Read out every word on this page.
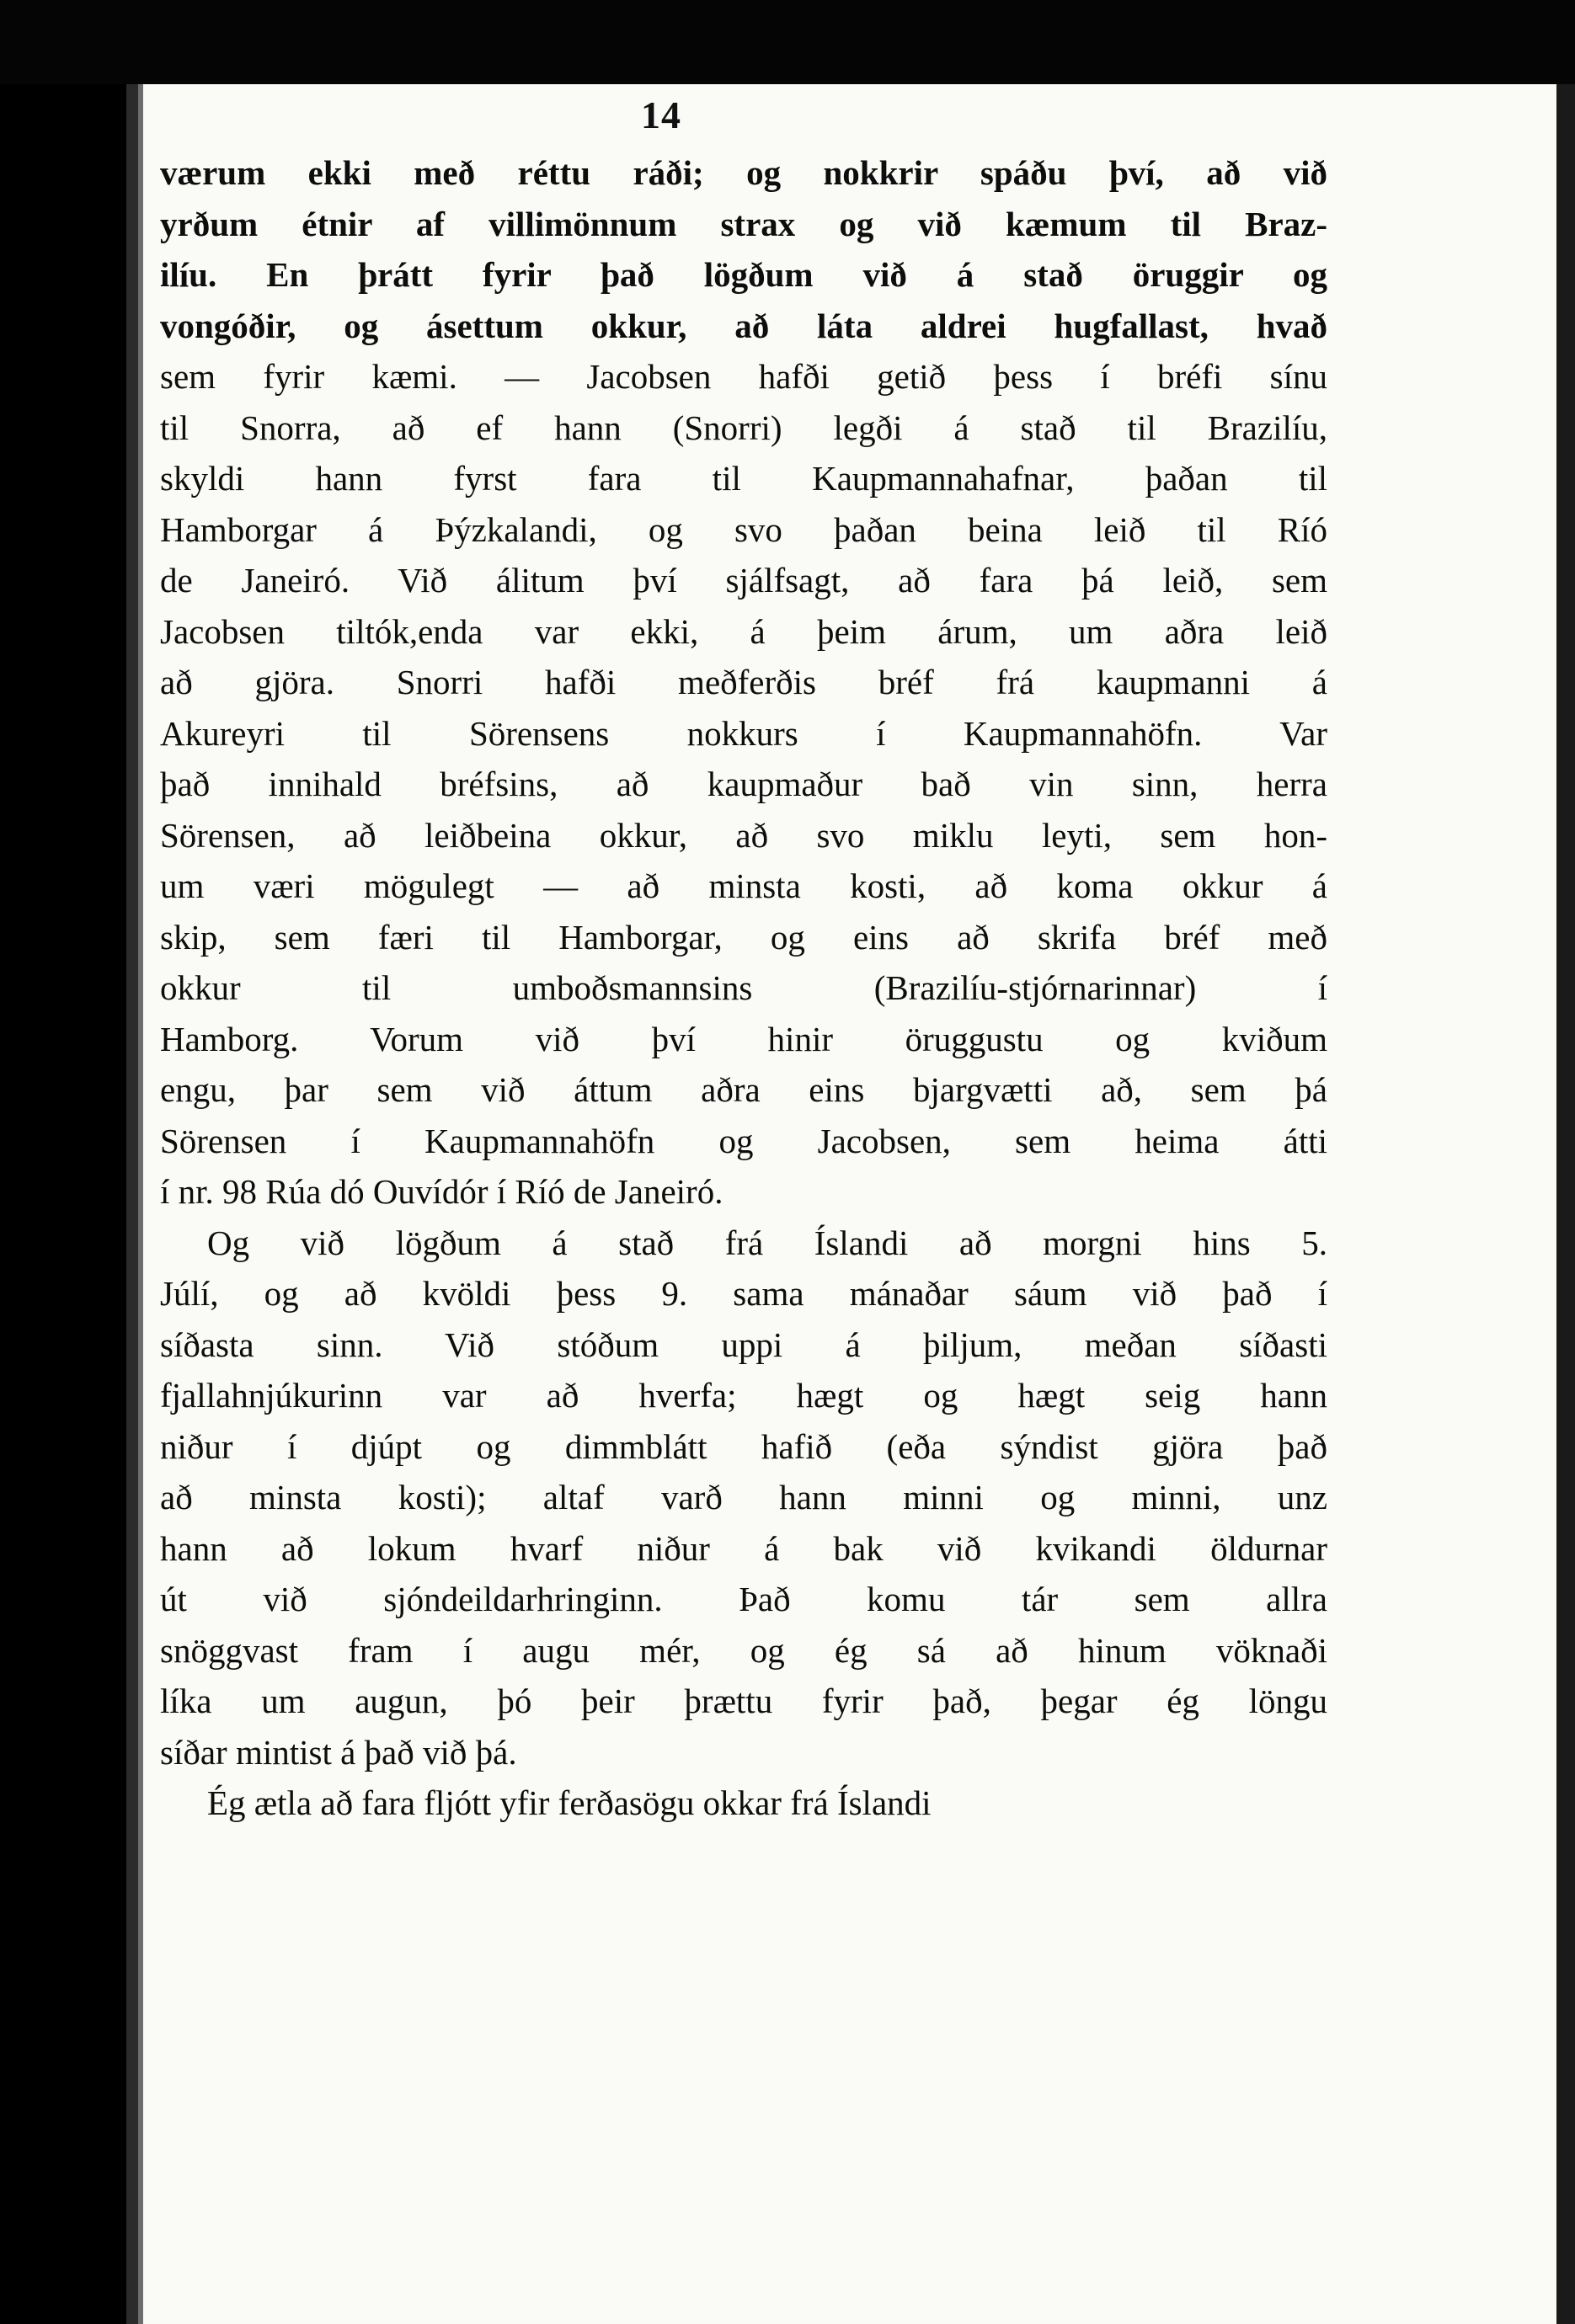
14
værum ekki með réttu ráði; og nokkrir spáðu því, að við
yrðum étnir af villimönnum strax og við kæmum til Braz-
ilíu. En þrátt fyrir það lögðum við á stað öruggir og
vongóðir, og ásettum okkur, að láta aldrei hugfallast, hvað
sem fyrir kæmi. — Jacobsen hafði getið þess í bréfi sínu
til Snorra, að ef hann (Snorri) legði á stað til Brazilíu,
skyldi hann fyrst fara til Kaupmannahafnar, þaðan til
Hamborgar á Þýzkalandi, og svo þaðan beina leið til Ríó
de Janeiró. Við álitum því sjálfsagt, að fara þá leið, sem
Jacobsen tiltók,enda var ekki, á þeim árum, um aðra leið
að gjöra. Snorri hafði meðferðis bréf frá kaupmanni á
Akureyri til Sörensens nokkurs í Kaupmannahöfn. Var
það innihald bréfsins, að kaupmaður bað vin sinn, herra
Sörensen, að leiðbeina okkur, að svo miklu leyti, sem hon-
um væri mögulegt — að minsta kosti, að koma okkur á
skip, sem færi til Hamborgar, og eins að skrifa bréf með
okkur til umboðsmannsins (Brazilíu-stjórnarinnar) í
Hamborg. Vorum við því hinir öruggustu og kviðum
engu, þar sem við áttum aðra eins bjargvætti að, sem þá
Sörensen í Kaupmannahöfn og Jacobsen, sem heima átti
í nr. 98 Rúa dó Ouvídór í Ríó de Janeiró.
Og við lögðum á stað frá Íslandi að morgni hins 5.
Júlí, og að kvöldi þess 9. sama mánaðar sáum við það í
síðasta sinn. Við stóðum uppi á þiljum, meðan síðasti
fjallahnjúkurinn var að hverfa; hægt og hægt seig hann
niður í djúpt og dimmblátt hafið (eða sýndist gjöra það
að minsta kosti); altaf varð hann minni og minni, unz
hann að lokum hvarf niður á bak við kvikandi öldurnar
út við sjóndeildarhringinn. Það komu tár sem allra
snöggvast fram í augu mér, og ég sá að hinum vöknaði
líka um augun, þó þeir þrættu fyrir það, þegar ég löngu
síðar mintist á það við þá.
Ég ætla að fara fljótt yfir ferðasögu okkar frá Íslandi
